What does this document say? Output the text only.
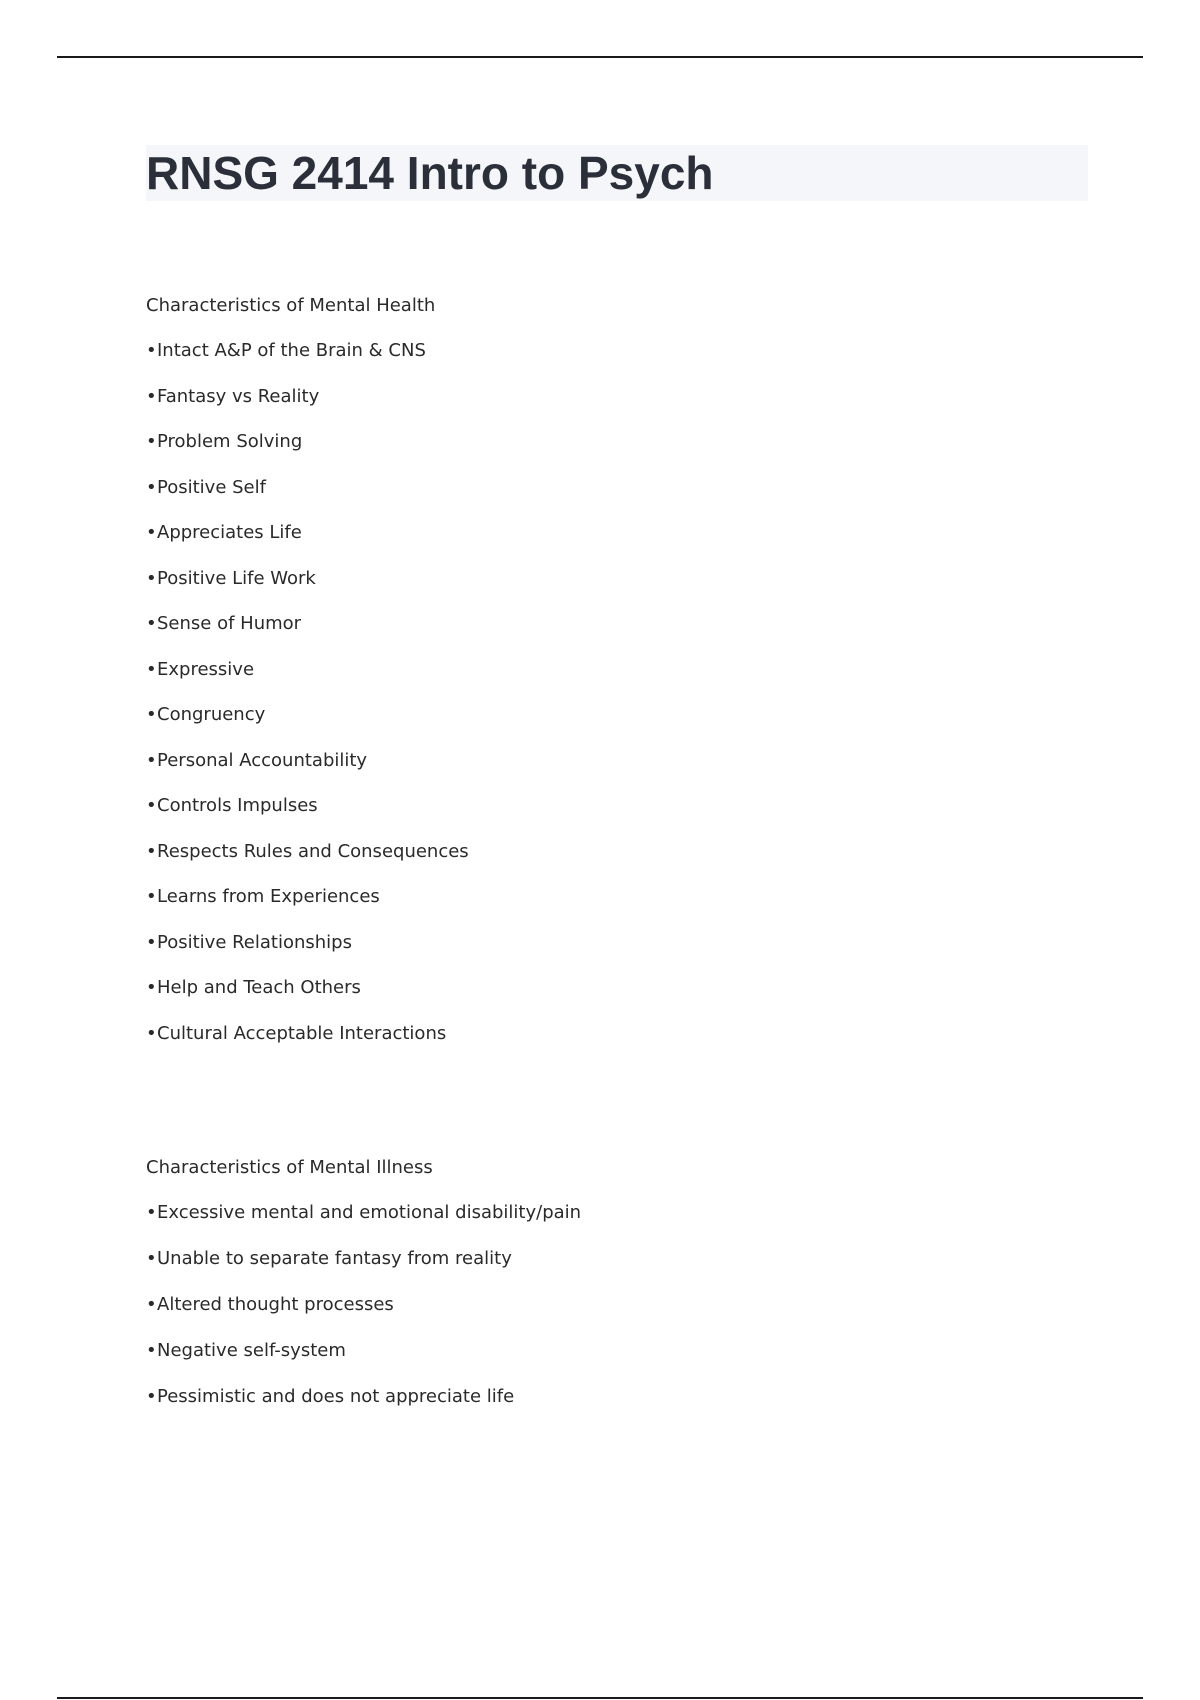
RNSG 2414 Intro to Psych
Characteristics of Mental Health
•Intact A&P of the Brain & CNS
•Fantasy vs Reality
•Problem Solving
•Positive Self
•Appreciates Life
•Positive Life Work
•Sense of Humor
•Expressive
•Congruency
•Personal Accountability
•Controls Impulses
•Respects Rules and Consequences
•Learns from Experiences
•Positive Relationships
•Help and Teach Others
•Cultural Acceptable Interactions
Characteristics of Mental Illness
•Excessive mental and emotional disability/pain
•Unable to separate fantasy from reality
•Altered thought processes
•Negative self-system
•Pessimistic and does not appreciate life
